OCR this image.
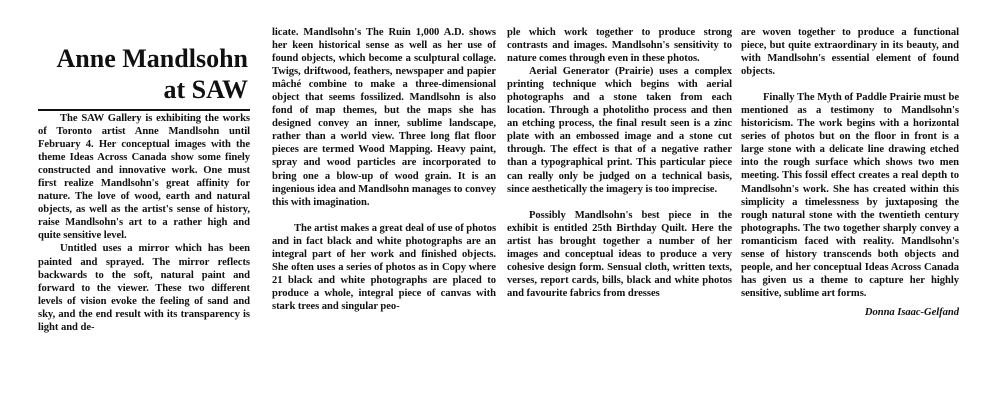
Anne Mandlsohn
at SAW

The SAW Gallery is exhibiting the works of Toronto artist Anne Mandlsohn until February 4. Her conceptual images with the theme Ideas Across Canada show some finely constructed and innovative work. One must first realize Mandlsohn's great affinity for nature. The love of wood, earth and natural objects, as well as the artist's sense of history, raise Mandlsohn's art to a rather high and quite sensitive level.

Untitled uses a mirror which has been painted and sprayed. The mirror reflects backwards to the soft, natural paint and forward to the viewer. These two different levels of vision evoke the feeling of sand and sky, and the end result with its transparency is light and de-

licate. Mandlsohn's The Ruin 1,000 A.D. shows her keen historical sense as well as her use of found objects, which become a sculptural collage. Twigs, driftwood, feathers, newspaper and papier mâché combine to make a three-dimensional object that seems fossilized. Mandlsohn is also fond of map themes, but the maps she has designed convey an inner, sublime landscape, rather than a world view. Three long flat floor pieces are termed Wood Mapping. Heavy paint, spray and wood particles are incorporated to bring one a blow-up of wood grain. It is an ingenious idea and Mandlsohn manages to convey this with imagination.

The artist makes a great deal of use of photos and in fact black and white photographs are an integral part of her work and finished objects. She often uses a series of photos as in Copy where 21 black and white photographs are placed to produce a whole, integral piece of canvas with stark trees and singular peo-

ple which work together to produce strong contrasts and images. Mandlsohn's sensitivity to nature comes through even in these photos.

Aerial Generator (Prairie) uses a complex printing technique which begins with aerial photographs and a stone taken from each location. Through a photolitho process and then an etching process, the final result seen is a zinc plate with an embossed image and a stone cut through. The effect is that of a negative rather than a typographical print. This particular piece can really only be judged on a technical basis, since aesthetically the imagery is too imprecise.

Possibly Mandlsohn's best piece in the exhibit is entitled 25th Birthday Quilt. Here the artist has brought together a number of her images and conceptual ideas to produce a very cohesive design form. Sensual cloth, written texts, verses, report cards, bills, black and white photos and favourite fabrics from dresses

are woven together to produce a functional piece, but quite extraordinary in its beauty, and with Mandlsohn's essential element of found objects.

Finally The Myth of Paddle Prairie must be mentioned as a testimony to Mandlsohn's historicism. The work begins with a horizontal series of photos but on the floor in front is a large stone with a delicate line drawing etched into the rough surface which shows two men meeting. This fossil effect creates a real depth to Mandlsohn's work. She has created within this simplicity a timelessness by juxtaposing the rough natural stone with the twentieth century photographs. The two together sharply convey a romanticism faced with reality. Mandlsohn's sense of history transcends both objects and people, and her conceptual Ideas Across Canada has given us a theme to capture her highly sensitive, sublime art forms.

Donna Isaac-Gelfand
